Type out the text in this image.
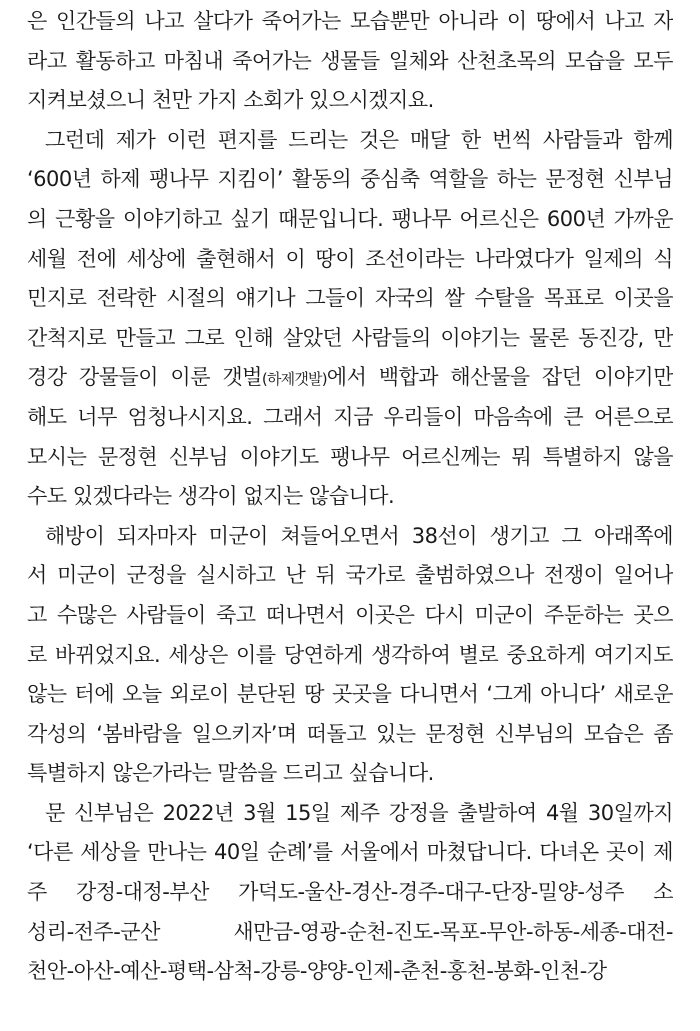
은 인간들의 나고 살다가 죽어가는 모습뿐만 아니라 이 땅에서 나고 자
라고 활동하고 마침내 죽어가는 생물들 일체와 산천초목의 모습을 모두
지켜보셨으니 천만 가지 소회가 있으시겠지요.
그런데 제가 이런 편지를 드리는 것은 매달 한 번씩 사람들과 함께
‘600년 하제 팽나무 지킴이’ 활동의 중심축 역할을 하는 문정현 신부님
의 근황을 이야기하고 싶기 때문입니다. 팽나무 어르신은 600년 가까운
세월 전에 세상에 출현해서 이 땅이 조선이라는 나라였다가 일제의 식
민지로 전락한 시절의 얘기나 그들이 자국의 쌀 수탈을 목표로 이곳을
간척지로 만들고 그로 인해 살았던 사람들의 이야기는 물론 동진강, 만
경강 강물들이 이룬 갯벌(하제갯발)에서 백합과 해산물을 잡던 이야기만
해도 너무 엄청나시지요. 그래서 지금 우리들이 마음속에 큰 어른으로
모시는 문정현 신부님 이야기도 팽나무 어르신께는 뭐 특별하지 않을
수도 있겠다라는 생각이 없지는 않습니다.
해방이 되자마자 미군이 쳐들어오면서 38선이 생기고 그 아래쪽에
서 미군이 군정을 실시하고 난 뒤 국가로 출범하였으나 전쟁이 일어나
고 수많은 사람들이 죽고 떠나면서 이곳은 다시 미군이 주둔하는 곳으
로 바뀌었지요. 세상은 이를 당연하게 생각하여 별로 중요하게 여기지도
않는 터에 오늘 외로이 분단된 땅 곳곳을 다니면서 ‘그게 아니다’ 새로운
각성의 ‘봄바람을 일으키자’며 떠돌고 있는 문정현 신부님의 모습은 좀
특별하지 않은가라는 말씀을 드리고 싶습니다.
문 신부님은 2022년 3월 15일 제주 강정을 출발하여 4월 30일까지
‘다른 세상을 만나는 40일 순례’를 서울에서 마쳤답니다. 다녀온 곳이 제
주 강정-대정-부산 가덕도-울산-경산-경주-대구-단장-밀양-성주 소
성리-전주-군산 새만금-영광-순천-진도-목포-무안-하동-세종-대전-
천안-아산-예산-평택-삼척-강릉-양양-인제-춘천-홍천-봉화-인천-강
